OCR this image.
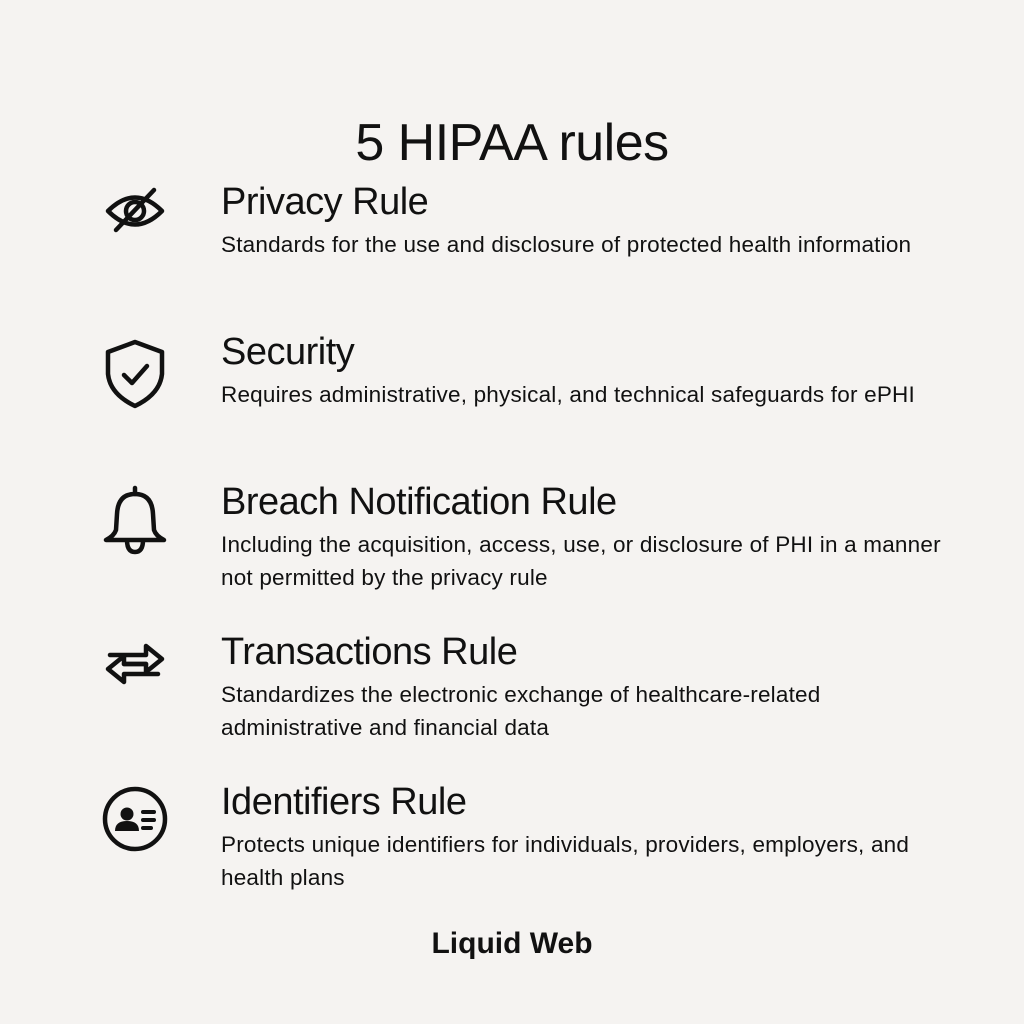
5 HIPAA rules
Privacy Rule
Standards for the use and disclosure of protected health information
Security
Requires administrative, physical, and technical safeguards for ePHI
Breach Notification Rule
Including the acquisition, access, use, or disclosure of PHI in a manner not permitted by the privacy rule
Transactions Rule
Standardizes the electronic exchange of healthcare-related administrative and financial data
Identifiers Rule
Protects unique identifiers for individuals, providers, employers, and health plans
Liquid Web
